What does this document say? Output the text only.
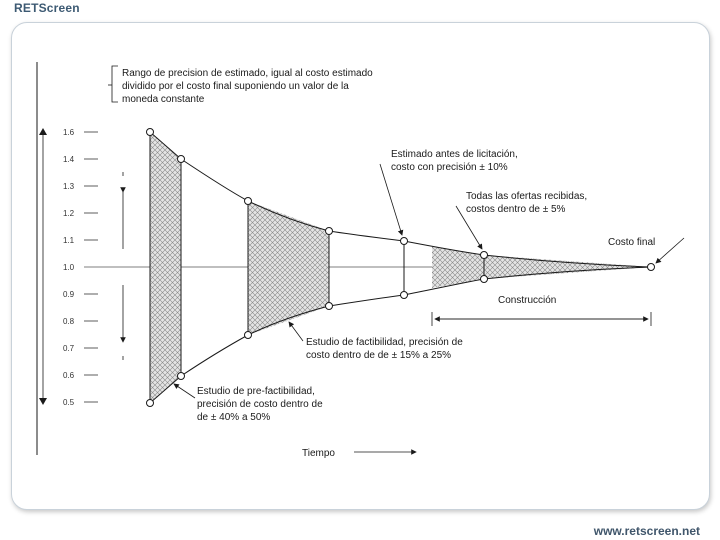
RETScreen
1.6
1.4
1.3
1.2
1.1
1.0
0.9
0.8
0.7
0.6
0.5
Rango de precision de estimado, igual al costo estimado
dividido por el costo final suponiendo un valor de la
moneda constante
Estimado antes de licitación,
costo con precisión ± 10%
Todas las ofertas recibidas,
costos dentro de ± 5%
Costo final
Construcción
Estudio de factibilidad, precisión de
costo dentro de de ± 15% a 25%
Estudio de pre-factibilidad,
precisión de costo dentro de
de ± 40% a 50%
Tiempo
www.retscreen.net
